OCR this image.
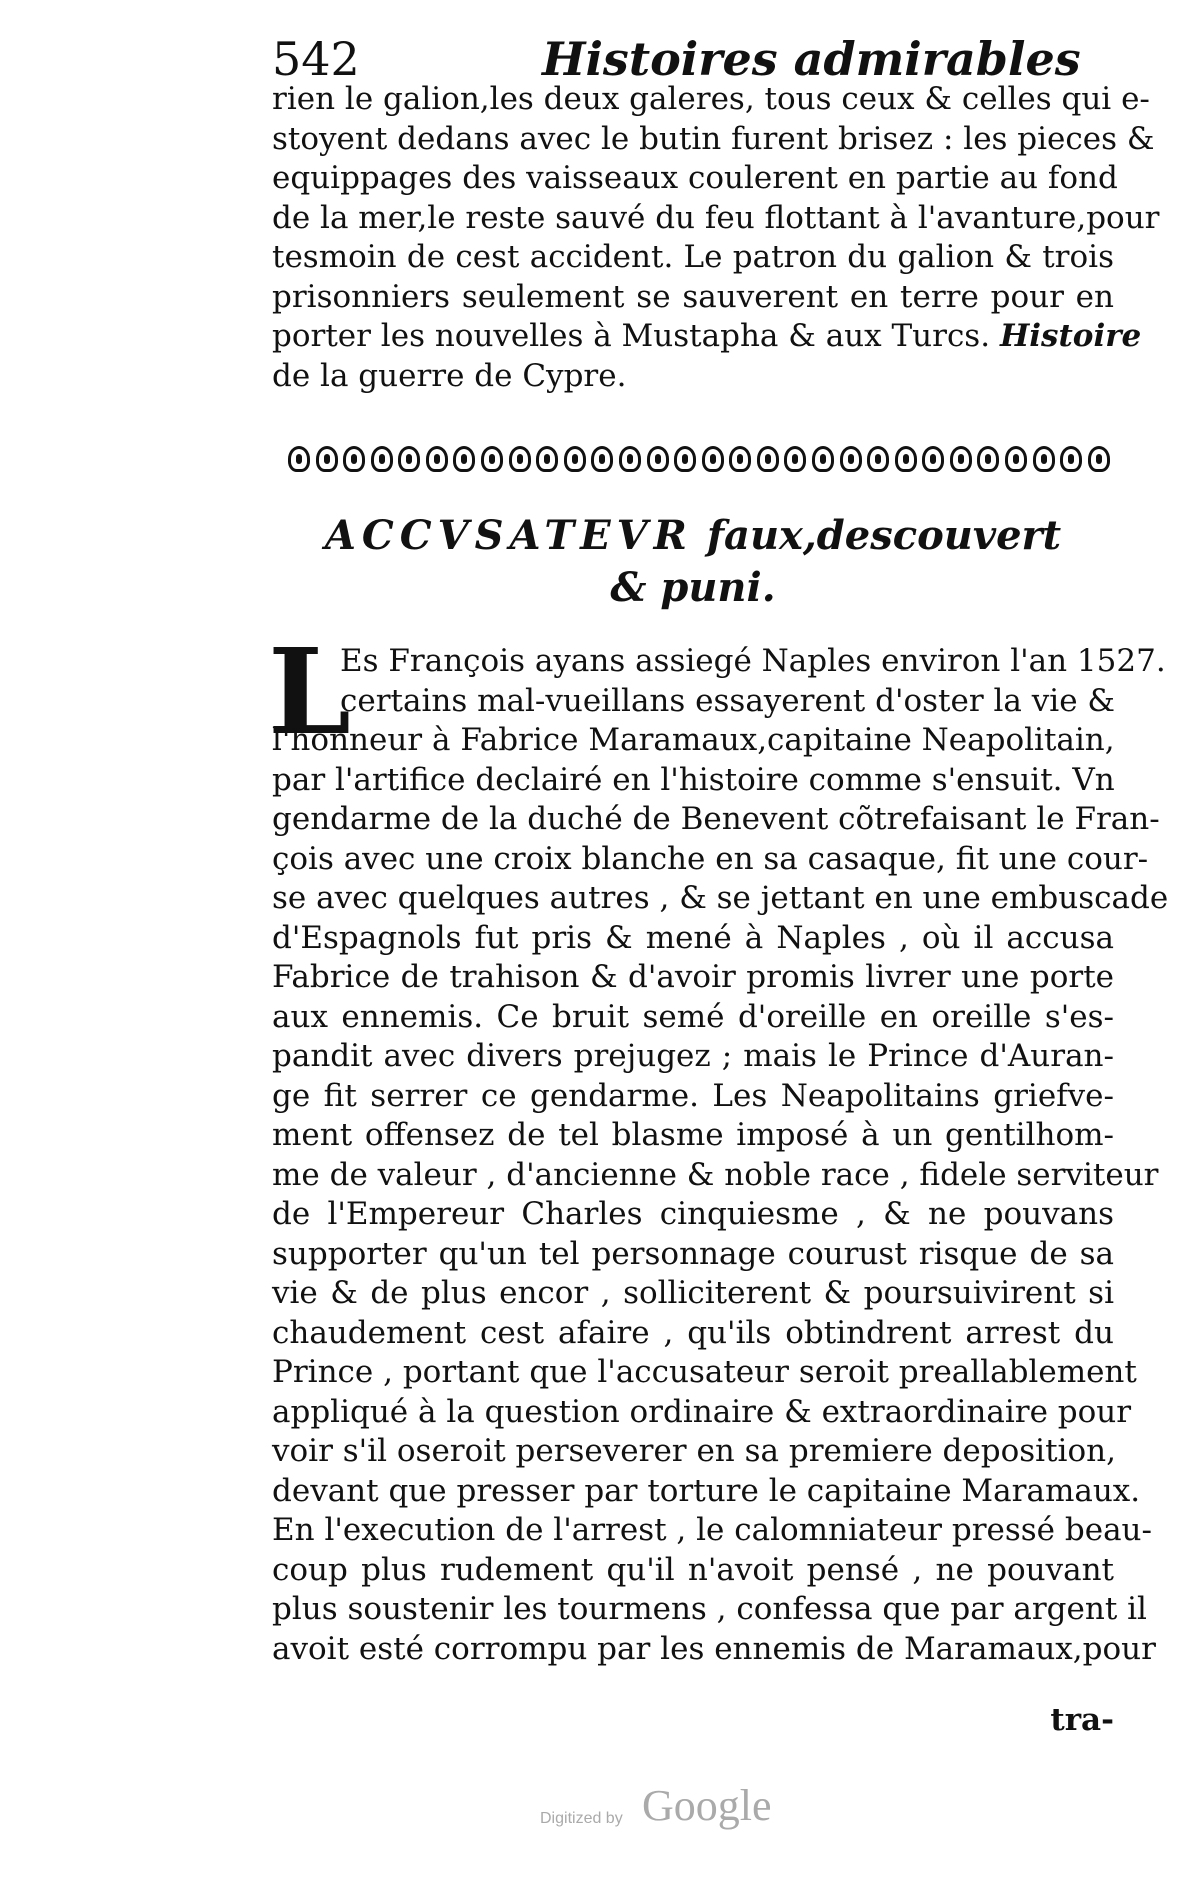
542	Histoires admirables
rien le galion,les deux galeres, tous ceux & celles qui e-
stoyent dedans avec le butin furent brisez : les pieces &
equippages des vaisseaux coulerent en partie au fond
de la mer,le reste sauvé du feu flottant à l'avanture,pour
tesmoin de cest accident. Le patron du galion & trois
prisonniers seulement se sauverent en terre pour en
porter les nouvelles à Mustapha & aux Turcs. Histoire
de la guerre de Cypre.
ACCVSATEVR faux,descouvert
& puni.
L
Es François ayans assiegé Naples environ l'an 1527.
certains mal-vueillans essayerent d'oster la vie &
l'honneur à Fabrice Maramaux,capitaine Neapolitain,
par l'artifice declairé en l'histoire comme s'ensuit. Vn
gendarme de la duché de Benevent cõtrefaisant le Fran-
çois avec une croix blanche en sa casaque, fit une cour-
se avec quelques autres , & se jettant en une embuscade
d'Espagnols fut pris & mené à Naples , où il accusa
Fabrice de trahison & d'avoir promis livrer une porte
aux ennemis. Ce bruit semé d'oreille en oreille s'es-
pandit avec divers prejugez ; mais le Prince d'Auran-
ge fit serrer ce gendarme. Les Neapolitains griefve-
ment offensez de tel blasme imposé à un gentilhom-
me de valeur , d'ancienne & noble race , fidele serviteur
de l'Empereur Charles cinquiesme , & ne pouvans
supporter qu'un tel personnage courust risque de sa
vie & de plus encor , solliciterent & poursuivirent si
chaudement cest afaire , qu'ils obtindrent arrest du
Prince , portant que l'accusateur seroit preallablement
appliqué à la question ordinaire & extraordinaire pour
voir s'il oseroit perseverer en sa premiere deposition,
devant que presser par torture le capitaine Maramaux.
En l'execution de l'arrest , le calomniateur pressé beau-
coup plus rudement qu'il n'avoit pensé , ne pouvant
plus soustenir les tourmens , confessa que par argent il
avoit esté corrompu par les ennemis de Maramaux,pour
tra-
Digitized by Google
